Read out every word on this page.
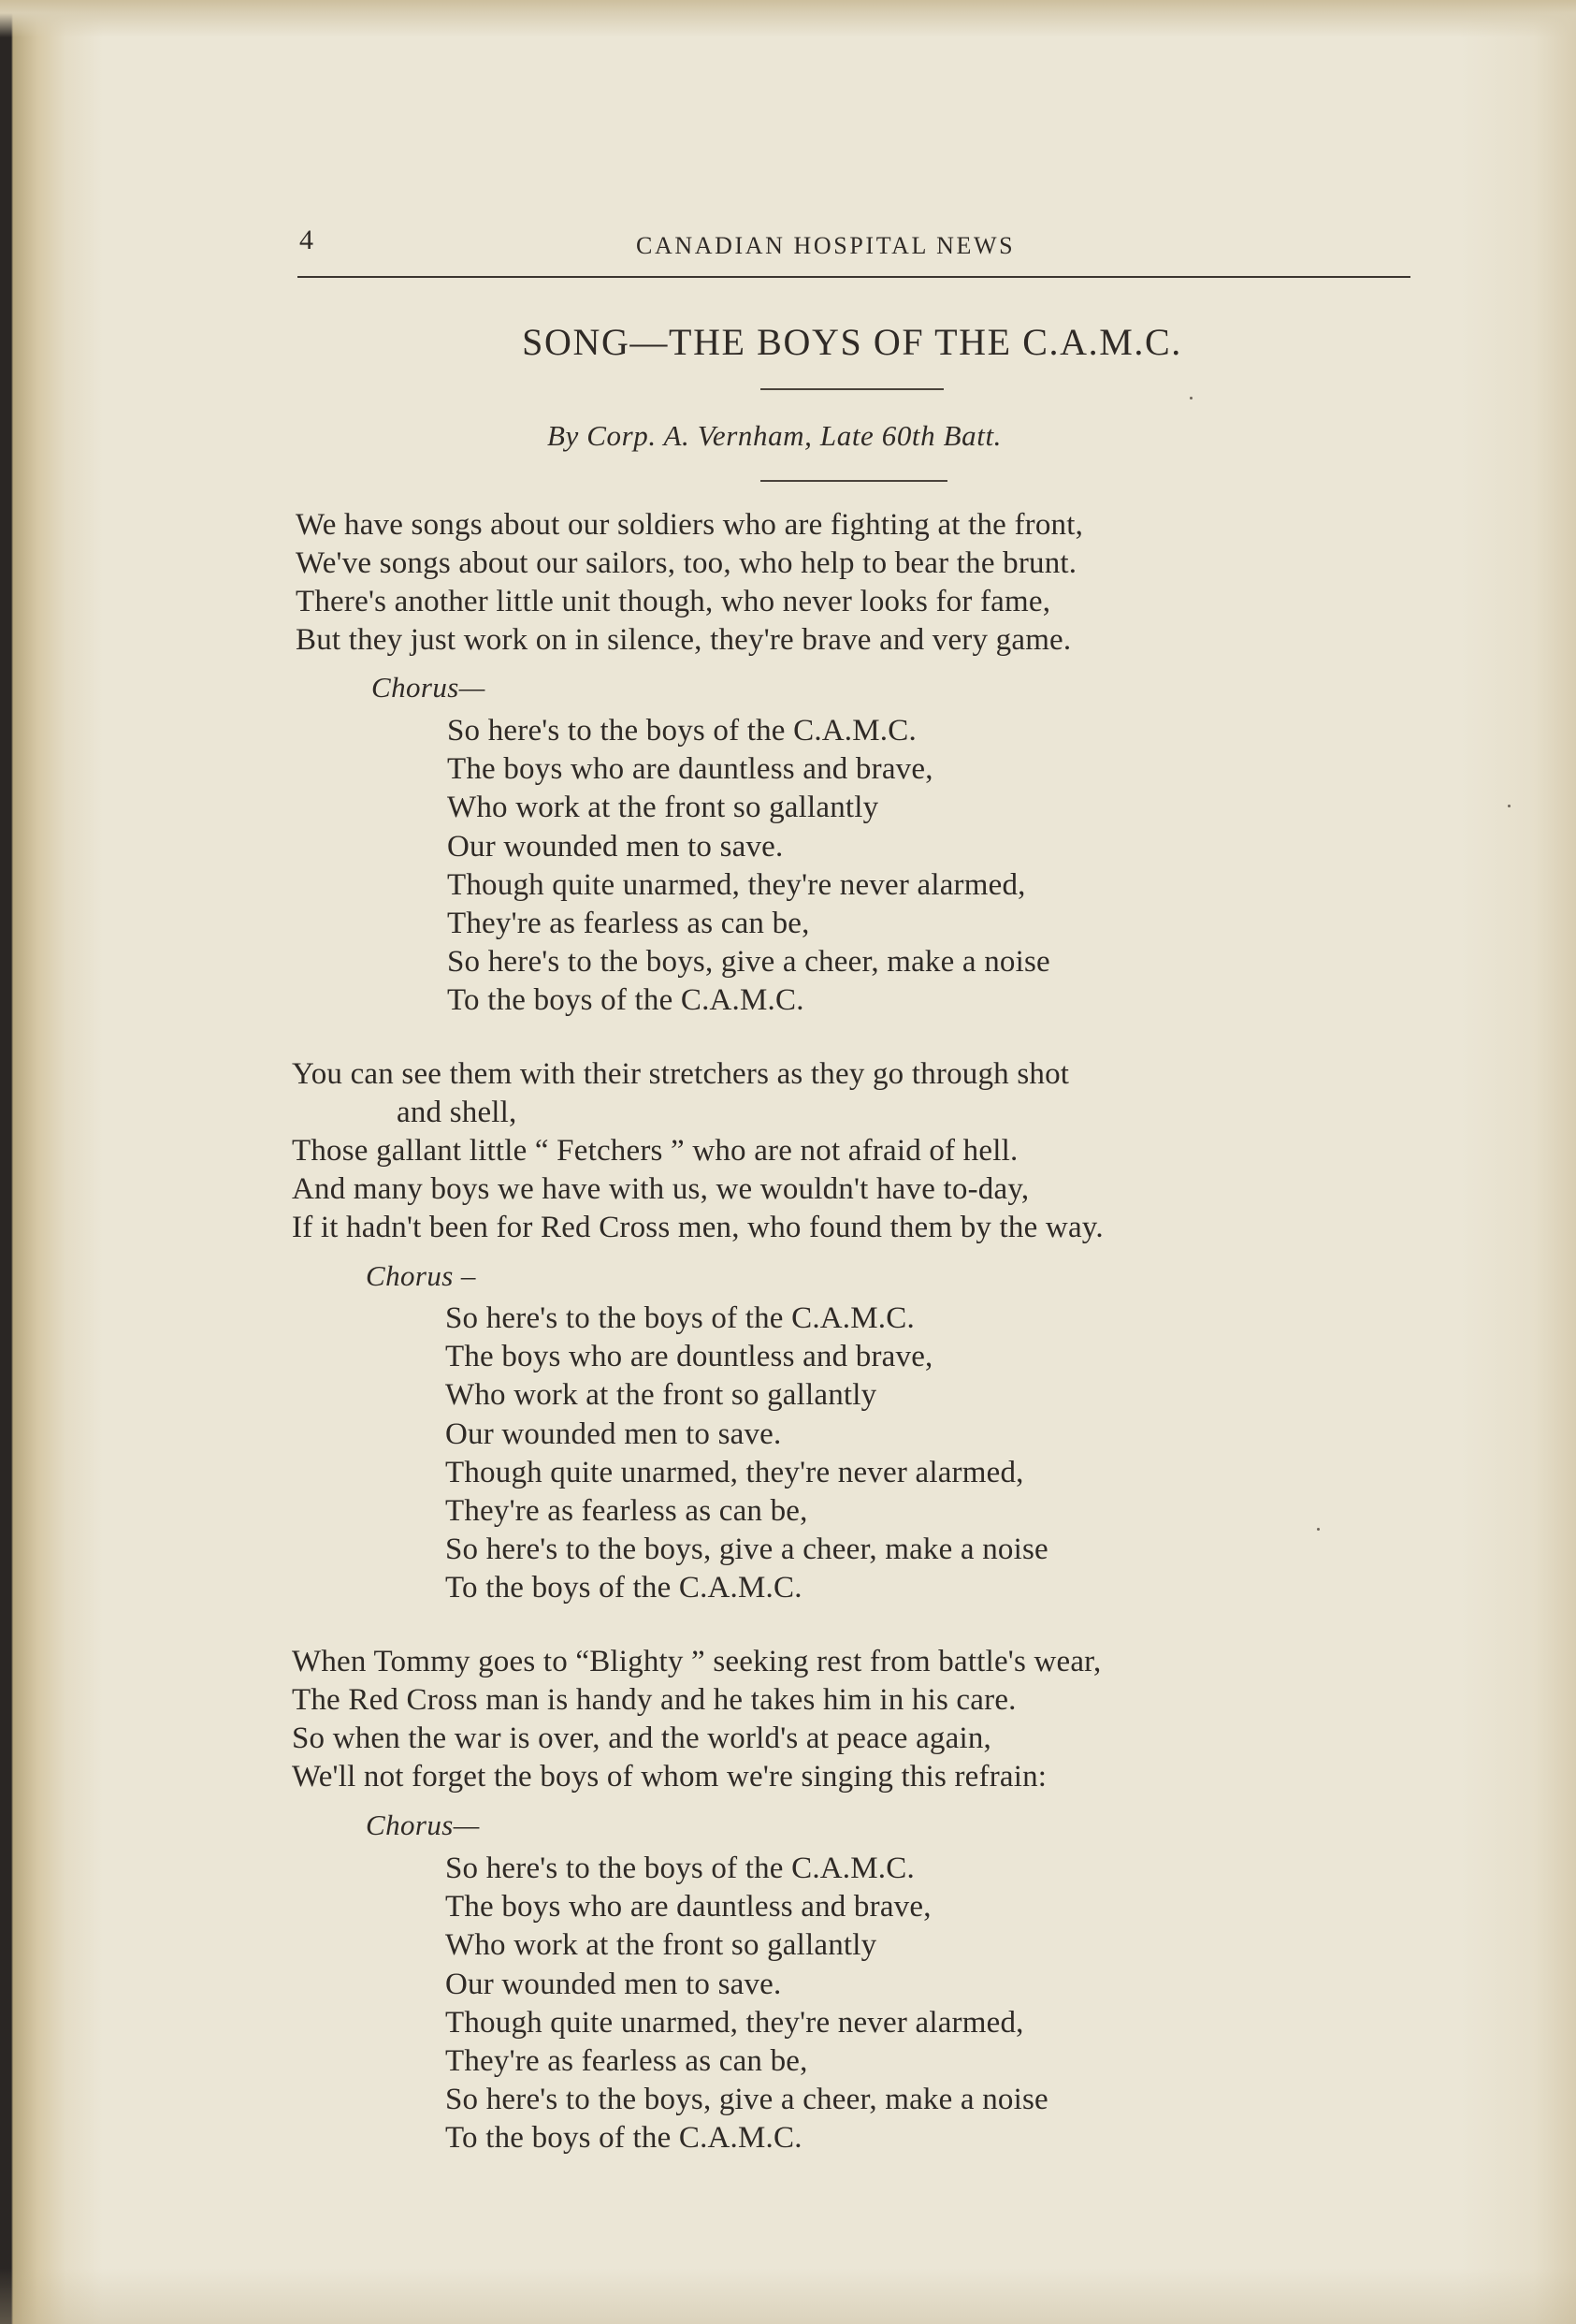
4	CANADIAN HOSPITAL NEWS
SONG—THE BOYS OF THE C.A.M.C.
By Corp. A. Vernham, Late 60th Batt.
We have songs about our soldiers who are fighting at the front,
We've songs about our sailors, too, who help to bear the brunt.
There's another little unit though, who never looks for fame,
But they just work on in silence, they're brave and very game.
Chorus—
So here's to the boys of the C.A.M.C.
The boys who are dauntless and brave,
Who work at the front so gallantly
Our wounded men to save.
Though quite unarmed, they're never alarmed,
They're as fearless as can be,
So here's to the boys, give a cheer, make a noise
To the boys of the C.A.M.C.
You can see them with their stretchers as they go through shot
and shell,
Those gallant little “ Fetchers ” who are not afraid of hell.
And many boys we have with us, we wouldn't have to-day,
If it hadn't been for Red Cross men, who found them by the way.
Chorus –
So here's to the boys of the C.A.M.C.
The boys who are dountless and brave,
Who work at the front so gallantly
Our wounded men to save.
Though quite unarmed, they're never alarmed,
They're as fearless as can be,
So here's to the boys, give a cheer, make a noise
To the boys of the C.A.M.C.
When Tommy goes to “Blighty ” seeking rest from battle's wear,
The Red Cross man is handy and he takes him in his care.
So when the war is over, and the world's at peace again,
We'll not forget the boys of whom we're singing this refrain:
Chorus—
So here's to the boys of the C.A.M.C.
The boys who are dauntless and brave,
Who work at the front so gallantly
Our wounded men to save.
Though quite unarmed, they're never alarmed,
They're as fearless as can be,
So here's to the boys, give a cheer, make a noise
To the boys of the C.A.M.C.
